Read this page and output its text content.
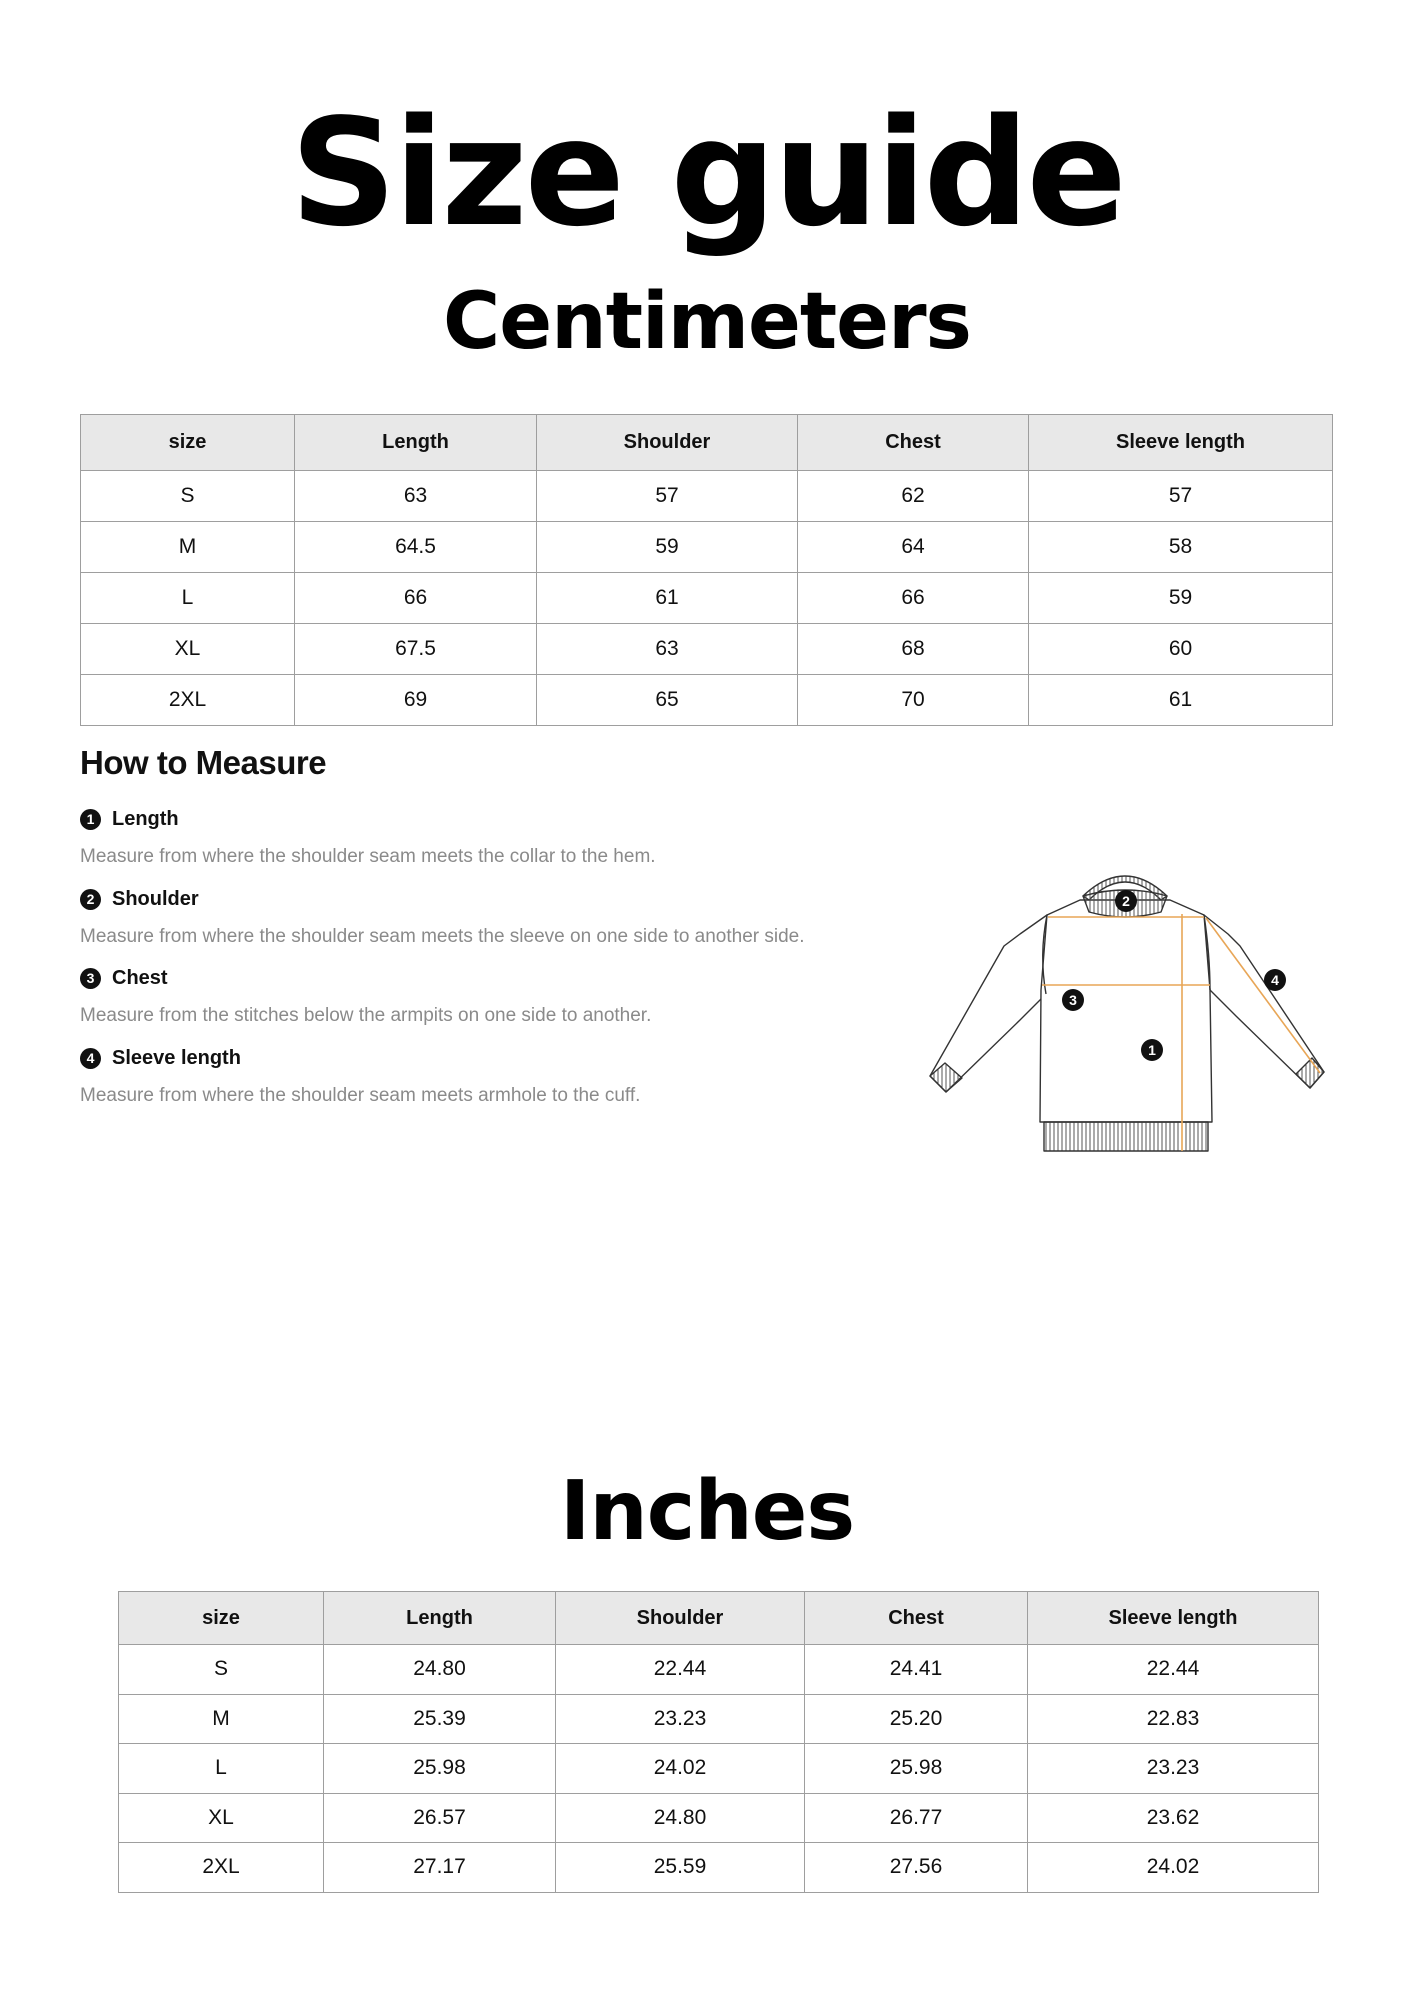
Size guide
Centimeters
size	Length	Shoulder	Chest	Sleeve length
S	63	57	62	57
M	64.5	59	64	58
L	66	61	66	59
XL	67.5	63	68	60
2XL	69	65	70	61
How to Measure
1 Length
Measure from where the shoulder seam meets the collar to the hem.
2 Shoulder
Measure from where the shoulder seam meets the sleeve on one side to another side.
3 Chest
Measure from the stitches below the armpits on one side to another.
4 Sleeve length
Measure from where the shoulder seam meets armhole to the cuff.
2
3
1
4
Inches
size	Length	Shoulder	Chest	Sleeve length
S	24.80	22.44	24.41	22.44
M	25.39	23.23	25.20	22.83
L	25.98	24.02	25.98	23.23
XL	26.57	24.80	26.77	23.62
2XL	27.17	25.59	27.56	24.02
